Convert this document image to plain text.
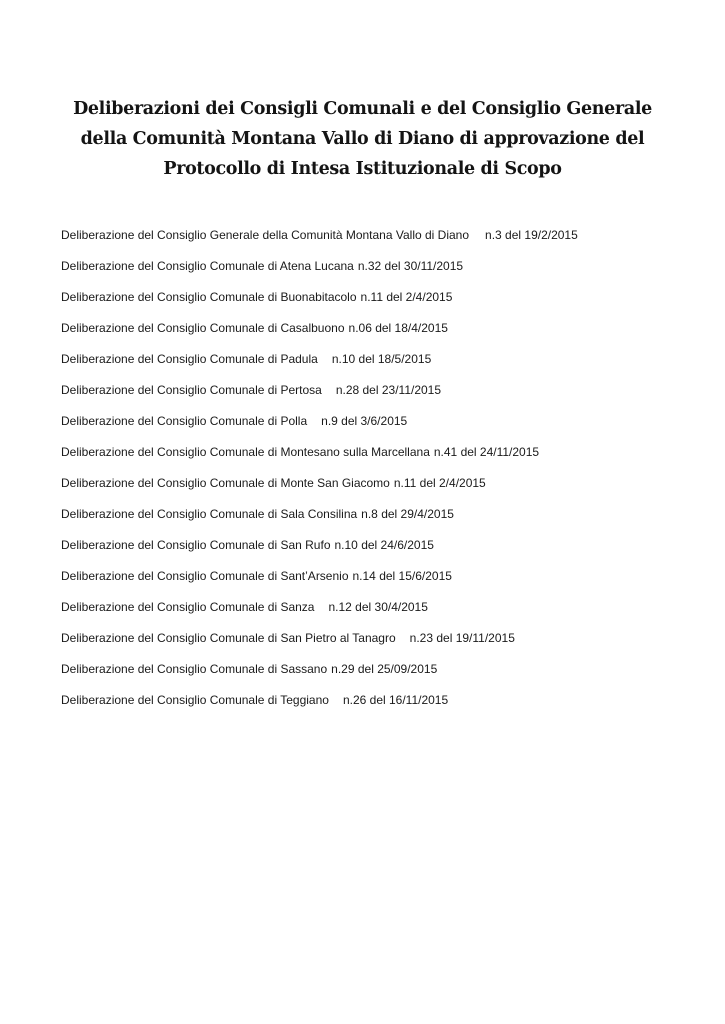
Deliberazioni dei Consigli Comunali e del Consiglio Generale
della Comunità Montana Vallo di Diano di approvazione del
Protocollo di Intesa Istituzionale di Scopo
Deliberazione del Consiglio Generale della Comunità Montana Vallo di Diano n.3 del 19/2/2015
Deliberazione del Consiglio Comunale di Atena Lucana n.32 del 30/11/2015
Deliberazione del Consiglio Comunale di Buonabitacolo n.11 del 2/4/2015
Deliberazione del Consiglio Comunale di Casalbuono n.06 del 18/4/2015
Deliberazione del Consiglio Comunale di Padula n.10 del 18/5/2015
Deliberazione del Consiglio Comunale di Pertosa n.28 del 23/11/2015
Deliberazione del Consiglio Comunale di Polla n.9 del 3/6/2015
Deliberazione del Consiglio Comunale di Montesano sulla Marcellana n.41 del 24/11/2015
Deliberazione del Consiglio Comunale di Monte San Giacomo n.11 del 2/4/2015
Deliberazione del Consiglio Comunale di Sala Consilina n.8 del 29/4/2015
Deliberazione del Consiglio Comunale di San Rufo n.10 del 24/6/2015
Deliberazione del Consiglio Comunale di Sant’Arsenio n.14 del 15/6/2015
Deliberazione del Consiglio Comunale di Sanza n.12 del 30/4/2015
Deliberazione del Consiglio Comunale di San Pietro al Tanagro n.23 del 19/11/2015
Deliberazione del Consiglio Comunale di Sassano n.29 del 25/09/2015
Deliberazione del Consiglio Comunale di Teggiano n.26 del 16/11/2015
